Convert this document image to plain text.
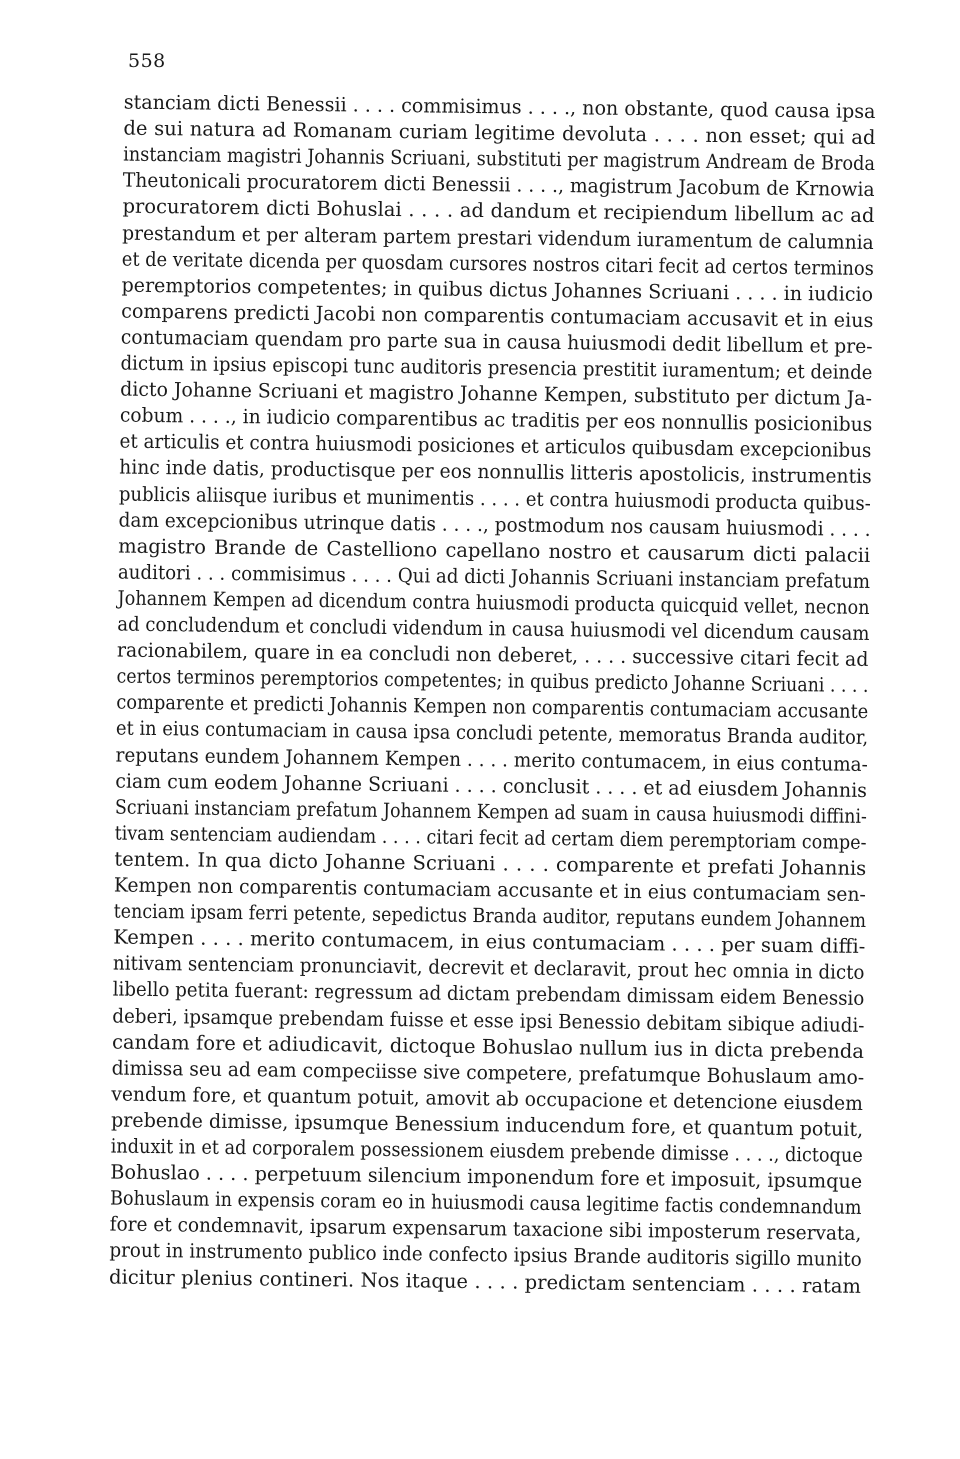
558
stanciam dicti Benessii . . . . commisimus . . . ., non obstante, quod causa ipsa
de sui natura ad Romanam curiam legitime devoluta . . . . non esset; qui ad
instanciam magistri Johannis Scriuani, substituti per magistrum Andream de Broda
Theutonicali procuratorem dicti Benessii . . . ., magistrum Jacobum de Krnowia
procuratorem dicti Bohuslai . . . . ad dandum et recipiendum libellum ac ad
prestandum et per alteram partem prestari videndum iuramentum de calumnia
et de veritate dicenda per quosdam cursores nostros citari fecit ad certos terminos
peremptorios competentes; in quibus dictus Johannes Scriuani . . . . in iudicio
comparens predicti Jacobi non comparentis contumaciam accusavit et in eius
contumaciam quendam pro parte sua in causa huiusmodi dedit libellum et pre-
dictum in ipsius episcopi tunc auditoris presencia prestitit iuramentum; et deinde
dicto Johanne Scriuani et magistro Johanne Kempen, substituto per dictum Ja-
cobum . . . ., in iudicio comparentibus ac traditis per eos nonnullis posicionibus
et articulis et contra huiusmodi posiciones et articulos quibusdam excepcionibus
hinc inde datis, productisque per eos nonnullis litteris apostolicis, instrumentis
publicis aliisque iuribus et munimentis . . . . et contra huiusmodi producta quibus-
dam excepcionibus utrinque datis . . . ., postmodum nos causam huiusmodi . . . .
magistro Brande de Castelliono capellano nostro et causarum dicti palacii
auditori . . . commisimus . . . . Qui ad dicti Johannis Scriuani instanciam prefatum
Johannem Kempen ad dicendum contra huiusmodi producta quicquid vellet, necnon
ad concludendum et concludi videndum in causa huiusmodi vel dicendum causam
racionabilem, quare in ea concludi non deberet, . . . . successive citari fecit ad
certos terminos peremptorios competentes; in quibus predicto Johanne Scriuani . . . .
comparente et predicti Johannis Kempen non comparentis contumaciam accusante
et in eius contumaciam in causa ipsa concludi petente, memoratus Branda auditor,
reputans eundem Johannem Kempen . . . . merito contumacem, in eius contuma-
ciam cum eodem Johanne Scriuani . . . . conclusit . . . . et ad eiusdem Johannis
Scriuani instanciam prefatum Johannem Kempen ad suam in causa huiusmodi diffini-
tivam sentenciam audiendam . . . . citari fecit ad certam diem peremptoriam compe-
tentem. In qua dicto Johanne Scriuani . . . . comparente et prefati Johannis
Kempen non comparentis contumaciam accusante et in eius contumaciam sen-
tenciam ipsam ferri petente, sepedictus Branda auditor, reputans eundem Johannem
Kempen . . . . merito contumacem, in eius contumaciam . . . . per suam diffi-
nitivam sentenciam pronunciavit, decrevit et declaravit, prout hec omnia in dicto
libello petita fuerant: regressum ad dictam prebendam dimissam eidem Benessio
deberi, ipsamque prebendam fuisse et esse ipsi Benessio debitam sibique adiudi-
candam fore et adiudicavit, dictoque Bohuslao nullum ius in dicta prebenda
dimissa seu ad eam compeciisse sive competere, prefatumque Bohuslaum amo-
vendum fore, et quantum potuit, amovit ab occupacione et detencione eiusdem
prebende dimisse, ipsumque Benessium inducendum fore, et quantum potuit,
induxit in et ad corporalem possessionem eiusdem prebende dimisse . . . ., dictoque
Bohuslao . . . . perpetuum silencium imponendum fore et imposuit, ipsumque
Bohuslaum in expensis coram eo in huiusmodi causa legitime factis condemnandum
fore et condemnavit, ipsarum expensarum taxacione sibi imposterum reservata,
prout in instrumento publico inde confecto ipsius Brande auditoris sigillo munito
dicitur plenius contineri. Nos itaque . . . . predictam sentenciam . . . . ratam
